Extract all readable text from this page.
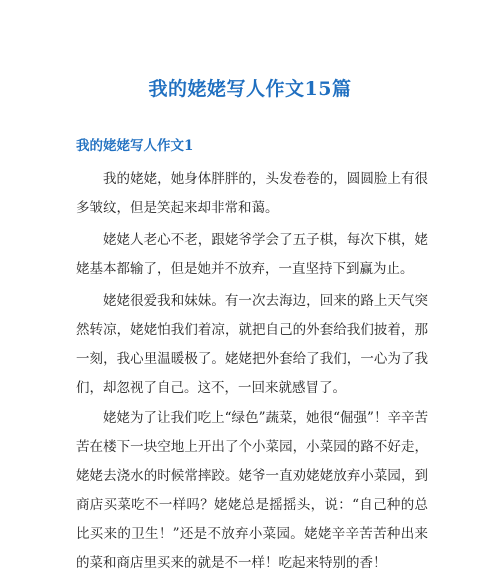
我的姥姥写人作文15篇
我的姥姥写人作文1

我的姥姥，她身体胖胖的，头发卷卷的，圆圆脸上有很多皱纹，但是笑起来却非常和蔼。

姥姥人老心不老，跟姥爷学会了五子棋，每次下棋，姥姥基本都输了，但是她并不放弃，一直坚持下到赢为止。

姥姥很爱我和妹妹。有一次去海边，回来的路上天气突然转凉，姥姥怕我们着凉，就把自己的外套给我们披着，那一刻，我心里温暖极了。姥姥把外套给了我们，一心为了我们，却忽视了自己。这不，一回来就感冒了。

姥姥为了让我们吃上“绿色”蔬菜，她很“倔强”！辛辛苦苦在楼下一块空地上开出了个小菜园，小菜园的路不好走，姥姥去浇水的时候常摔跤。姥爷一直劝姥姥放弃小菜园，到商店买菜吃不一样吗？姥姥总是摇摇头，说：“自己种的总比买来的卫生！”还是不放弃小菜园。姥姥辛辛苦苦种出来的菜和商店里买来的就是不一样！吃起来特别的香！
